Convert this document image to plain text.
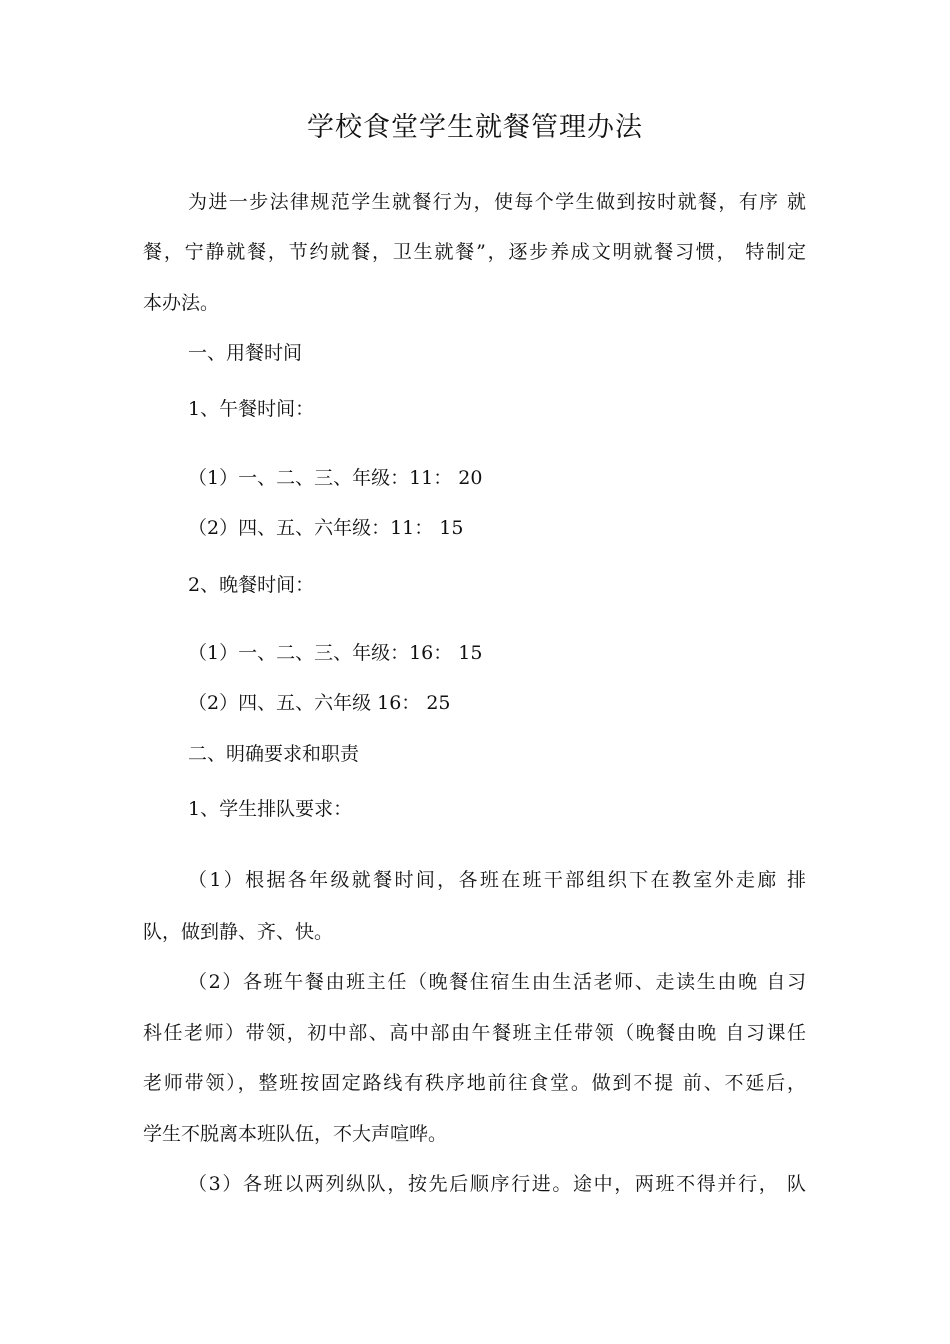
学校食堂学生就餐管理办法
为进一步法律规范学生就餐行为，使每个学生做到按时就餐，有序 就
餐，宁静就餐，节约就餐，卫生就餐”，逐步养成文明就餐习惯， 特制定
本办法。
一、用餐时间
1、午餐时间：
（1）一、二、三、年级：11： 20
（2）四、五、六年级：11： 15
2、晚餐时间：
（1）一、二、三、年级：16： 15
（2）四、五、六年级 16： 25
二、明确要求和职责
1、学生排队要求：
（1）根据各年级就餐时间，各班在班干部组织下在教室外走廊 排
队，做到静、齐、快。
（2）各班午餐由班主任（晚餐住宿生由生活老师、走读生由晚 自习
科任老师）带领，初中部、高中部由午餐班主任带领（晚餐由晚 自习课任
老师带领），整班按固定路线有秩序地前往食堂。做到不提 前、不延后，
学生不脱离本班队伍，不大声喧哗。
（3）各班以两列纵队，按先后顺序行进。途中，两班不得并行， 队
